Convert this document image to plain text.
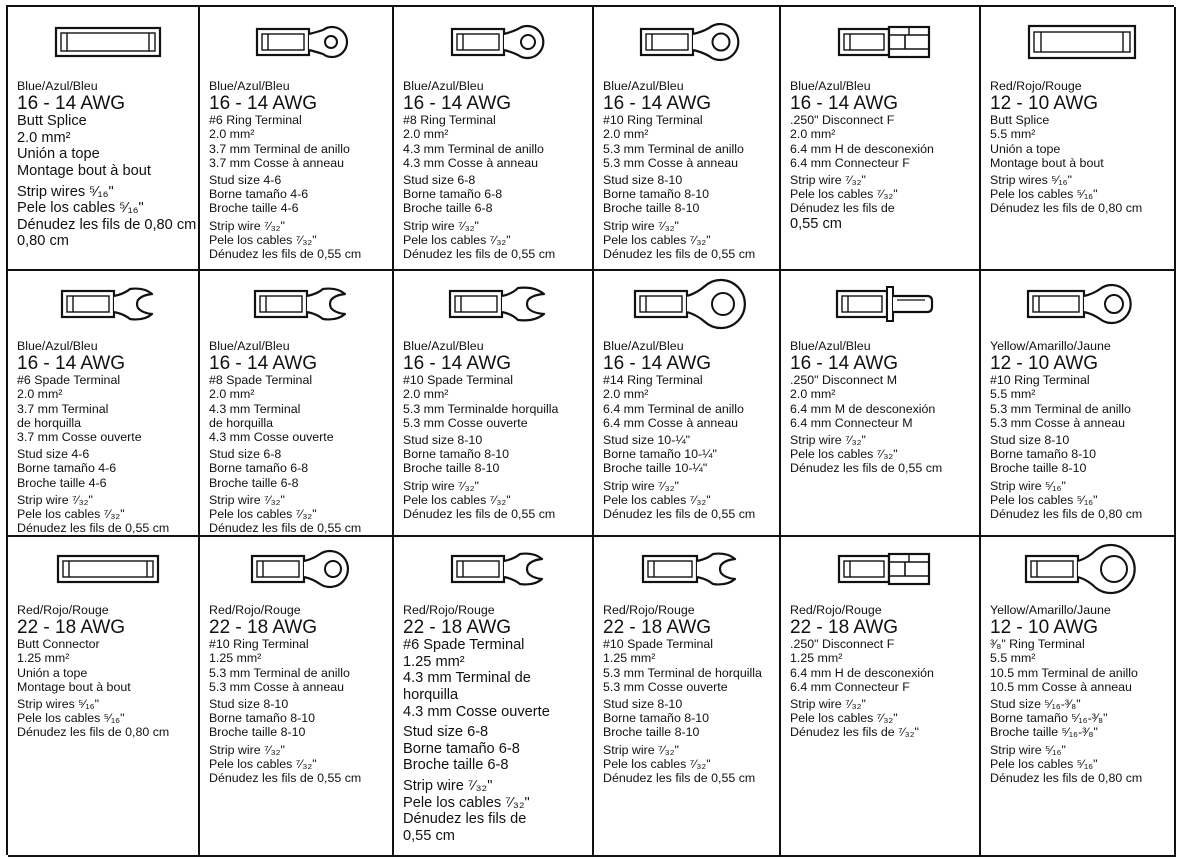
Blue/Azul/Bleu
16 - 14 AWG
Butt Splice
2.0 mm²
Unión a tope
Montage bout à bout
Strip wires ⁵⁄₁₆"
Pele los cables ⁵⁄₁₆"
Dénudez les fils de 0,80 cm
0,80 cm
Blue/Azul/Bleu
16 - 14 AWG
#6 Ring Terminal
2.0 mm²
3.7 mm Terminal de anillo
3.7 mm Cosse à anneau
Stud size 4-6
Borne tamaño 4-6
Broche taille 4-6
Strip wire ⁷⁄₃₂"
Pele los cables ⁷⁄₃₂"
Dénudez les fils de 0,55 cm
Blue/Azul/Bleu
16 - 14 AWG
#8 Ring Terminal
2.0 mm²
4.3 mm Terminal de anillo
4.3 mm Cosse à anneau
Stud size 6-8
Borne tamaño 6-8
Broche taille 6-8
Strip wire ⁷⁄₃₂"
Pele los cables ⁷⁄₃₂"
Dénudez les fils de 0,55 cm
Blue/Azul/Bleu
16 - 14 AWG
#10 Ring Terminal
2.0 mm²
5.3 mm Terminal de anillo
5.3 mm Cosse à anneau
Stud size 8-10
Borne tamaño 8-10
Broche taille 8-10
Strip wire ⁷⁄₃₂"
Pele los cables ⁷⁄₃₂"
Dénudez les fils de 0,55 cm
Blue/Azul/Bleu
16 - 14 AWG
.250" Disconnect F
2.0 mm²
6.4 mm H de desconexión
6.4 mm Connecteur F
Strip wire ⁷⁄₃₂"
Pele los cables ⁷⁄₃₂"
Dénudez les fils de
0,55 cm
Red/Rojo/Rouge
12 - 10 AWG
Butt Splice
5.5 mm²
Unión a tope
Montage bout à bout
Strip wires ⁵⁄₁₆"
Pele los cables ⁵⁄₁₆"
Dénudez les fils de 0,80 cm
Blue/Azul/Bleu
16 - 14 AWG
#6 Spade Terminal
2.0 mm²
3.7 mm Terminal
de horquilla
3.7 mm Cosse ouverte
Stud size 4-6
Borne tamaño 4-6
Broche taille 4-6
Strip wire ⁷⁄₃₂"
Pele los cables ⁷⁄₃₂"
Dénudez les fils de 0,55 cm
Blue/Azul/Bleu
16 - 14 AWG
#8 Spade Terminal
2.0 mm²
4.3 mm Terminal
de horquilla
4.3 mm Cosse ouverte
Stud size 6-8
Borne tamaño 6-8
Broche taille 6-8
Strip wire ⁷⁄₃₂"
Pele los cables ⁷⁄₃₂"
Dénudez les fils de 0,55 cm
Blue/Azul/Bleu
16 - 14 AWG
#10 Spade Terminal
2.0 mm²
5.3 mm Terminalde horquilla
5.3 mm Cosse ouverte
Stud size 8-10
Borne tamaño 8-10
Broche taille 8-10
Strip wire ⁷⁄₃₂"
Pele los cables ⁷⁄₃₂"
Dénudez les fils de 0,55 cm
Blue/Azul/Bleu
16 - 14 AWG
#14 Ring Terminal
2.0 mm²
6.4 mm Terminal de anillo
6.4 mm Cosse à anneau
Stud size 10-¼"
Borne tamaño 10-¼"
Broche taille 10-¼"
Strip wire ⁷⁄₃₂"
Pele los cables ⁷⁄₃₂"
Dénudez les fils de 0,55 cm
Blue/Azul/Bleu
16 - 14 AWG
.250" Disconnect M
2.0 mm²
6.4 mm M de desconexión
6.4 mm Connecteur M
Strip wire ⁷⁄₃₂"
Pele los cables ⁷⁄₃₂"
Dénudez les fils de 0,55 cm
Yellow/Amarillo/Jaune
12 - 10 AWG
#10 Ring Terminal
5.5 mm²
5.3 mm Terminal de anillo
5.3 mm Cosse à anneau
Stud size 8-10
Borne tamaño 8-10
Broche taille 8-10
Strip wire ⁵⁄₁₆"
Pele los cables ⁵⁄₁₆"
Dénudez les fils de 0,80 cm
Red/Rojo/Rouge
22 - 18 AWG
Butt Connector
1.25 mm²
Unión a tope
Montage bout à bout
Strip wires ⁵⁄₁₆"
Pele los cables ⁵⁄₁₆"
Dénudez les fils de 0,80 cm
Red/Rojo/Rouge
22 - 18 AWG
#10 Ring Terminal
1.25 mm²
5.3 mm Terminal de anillo
5.3 mm Cosse à anneau
Stud size 8-10
Borne tamaño 8-10
Broche taille 8-10
Strip wire ⁷⁄₃₂"
Pele los cables ⁷⁄₃₂"
Dénudez les fils de 0,55 cm
Red/Rojo/Rouge
22 - 18 AWG
#6 Spade Terminal
1.25 mm²
4.3 mm Terminal de
horquilla
4.3 mm Cosse ouverte
Stud size 6-8
Borne tamaño 6-8
Broche taille 6-8
Strip wire ⁷⁄₃₂"
Pele los cables ⁷⁄₃₂"
Dénudez les fils de
0,55 cm
Red/Rojo/Rouge
22 - 18 AWG
#10 Spade Terminal
1.25 mm²
5.3 mm Terminal de horquilla
5.3 mm Cosse ouverte
Stud size 8-10
Borne tamaño 8-10
Broche taille 8-10
Strip wire ⁷⁄₃₂"
Pele los cables ⁷⁄₃₂"
Dénudez les fils de 0,55 cm
Red/Rojo/Rouge
22 - 18 AWG
.250" Disconnect F
1.25 mm²
6.4 mm H de desconexión
6.4 mm Connecteur F
Strip wire ⁷⁄₃₂"
Pele los cables ⁷⁄₃₂"
Dénudez les fils de ⁷⁄₃₂"
Yellow/Amarillo/Jaune
12 - 10 AWG
³⁄₈" Ring Terminal
5.5 mm²
10.5 mm Terminal de anillo
10.5 mm Cosse à anneau
Stud size ⁵⁄₁₆-³⁄₈"
Borne tamaño ⁵⁄₁₆-³⁄₈"
Broche taille ⁵⁄₁₆-³⁄₈"
Strip wire ⁵⁄₁₆"
Pele los cables ⁵⁄₁₆"
Dénudez les fils de 0,80 cm
